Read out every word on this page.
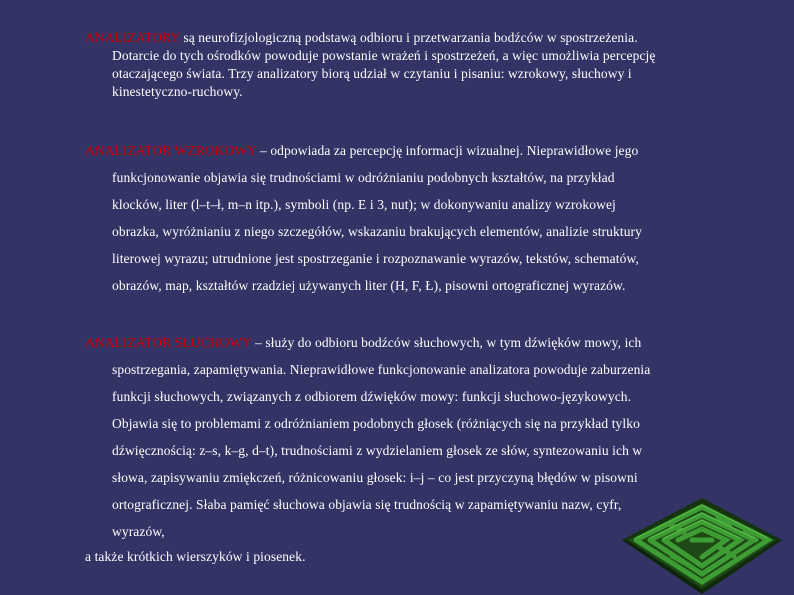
ANALIZATORY są neurofizjologiczną podstawą odbioru i przetwarzania bodźców w spostrzeżenia.
Dotarcie do tych ośrodków powoduje powstanie wrażeń i spostrzeżeń, a więc umożliwia percepcję
otaczającego świata. Trzy analizatory biorą udział w czytaniu i pisaniu: wzrokowy, słuchowy i
kinestetyczno-ruchowy.

ANALIZATOR WZROKOWY – odpowiada za percepcję informacji wizualnej. Nieprawidłowe jego
funkcjonowanie objawia się trudnościami w odróżnianiu podobnych kształtów, na przykład
klocków, liter (l–t–ł, m–n itp.), symboli (np. E i 3, nut); w dokonywaniu analizy wzrokowej
obrazka, wyróżnianiu z niego szczegółów, wskazaniu brakujących elementów, analizie struktury
literowej wyrazu; utrudnione jest spostrzeganie i rozpoznawanie wyrazów, tekstów, schematów,
obrazów, map, kształtów rzadziej używanych liter (H, F, Ł), pisowni ortograficznej wyrazów.

ANALIZATOR SŁUCHOWY – służy do odbioru bodźców słuchowych, w tym dźwięków mowy, ich
spostrzegania, zapamiętywania. Nieprawidłowe funkcjonowanie analizatora powoduje zaburzenia
funkcji słuchowych, związanych z odbiorem dźwięków mowy: funkcji słuchowo-językowych.
Objawia się to problemami z odróżnianiem podobnych głosek (różniących się na przykład tylko
dźwięcznością: z–s, k–g, d–t), trudnościami z wydzielaniem głosek ze słów, syntezowaniu ich w
słowa, zapisywaniu zmiękczeń, różnicowaniu głosek: i–j – co jest przyczyną błędów w pisowni
ortograficznej. Słaba pamięć słuchowa objawia się trudnością w zapamiętywaniu nazw, cyfr,
wyrazów,

a także krótkich wierszyków i piosenek.
